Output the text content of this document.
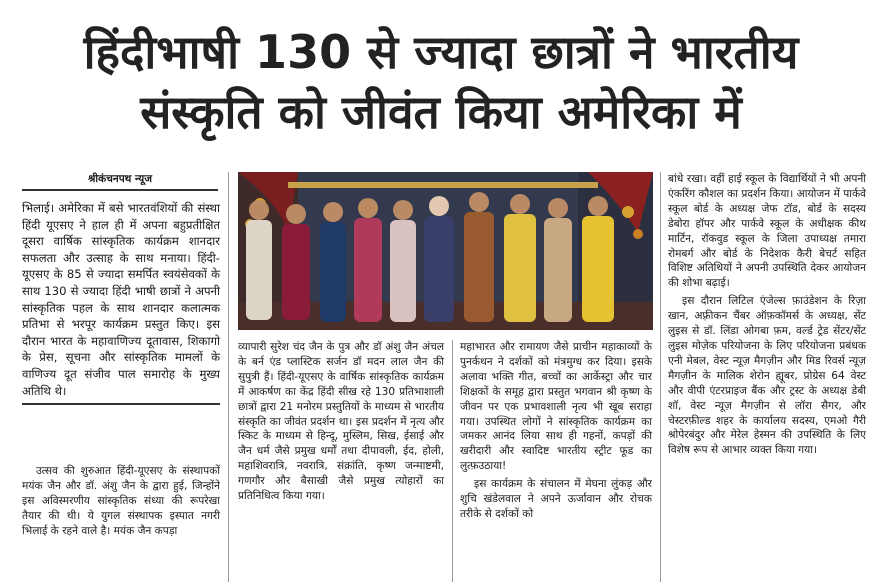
हिंदीभाषी 130 से ज्यादा छात्रों ने भारतीय
संस्कृति को जीवंत किया अमेरिका में
श्रीकंचनपथ न्यूज
भिलाई। अमेरिका में बसे भारतवंशियों की संस्था हिंदी यूएसए ने हाल ही में अपना बहुप्रतीक्षित दूसरा वार्षिक सांस्कृतिक कार्यक्रम शानदार सफलता और उत्साह के साथ मनाया। हिंदी-यूएसए के 85 से ज्यादा समर्पित स्वयंसेवकों के साथ 130 से ज्यादा हिंदी भाषी छात्रों ने अपनी सांस्कृतिक पहल के साथ शानदार कलात्मक प्रतिभा से भरपूर कार्यक्रम प्रस्तुत किए। इस दौरान भारत के महावाणिज्य दूतावास, शिकागो के प्रेस, सूचना और सांस्कृतिक मामलों के वाणिज्य दूत संजीव पाल समारोह के मुख्य अतिथि थे।

उत्सव की शुरुआत हिंदी-यूएसए के संस्थापकों मयंक जैन और डॉ. अंशु जैन के द्वारा हुई, जिन्होंने इस अविस्मरणीय सांस्कृतिक संध्या की रूपरेखा तैयार की थी। ये युगल संस्थापक इस्पात नगरी भिलाई के रहने वाले है। मयंक जैन कपड़ा

व्यापारी सुरेश चंद जैन के पुत्र और डॉ अंशु जैन अंचल के बर्न एंड प्लास्टिक सर्जन डॉ मदन लाल जैन की सुपुत्री हैं। हिंदी-यूएसए के वार्षिक सांस्कृतिक कार्यक्रम में आकर्षण का केंद्र हिंदी सीख रहे 130 प्रतिभाशाली छात्रों द्वारा 21 मनोरम प्रस्तुतियों के माध्यम से भारतीय संस्कृति का जीवंत प्रदर्शन था। इस प्रदर्शन में नृत्य और स्किट के माध्यम से हिन्दू, मुस्लिम, सिख, ईसाई और जैन धर्म जैसे प्रमुख धर्मों तथा दीपावली, ईद, होली, महाशिवरात्रि, नवरात्रि, संक्रांति, कृष्ण जन्माष्टमी, गणगौर और बैसाखी जैसे प्रमुख त्योहारों का प्रतिनिधित्व किया गया।

महाभारत और रामायण जैसे प्राचीन महाकाव्यों के पुनर्कथन ने दर्शकों को मंत्रमुग्ध कर दिया। इसके अलावा भक्ति गीत, बच्चों का आर्केस्ट्रा और चार शिक्षकों के समूह द्वारा प्रस्तुत भगवान श्री कृष्ण के जीवन पर एक प्रभावशाली नृत्य भी खूब सराहा गया। उपस्थित लोगों ने सांस्कृतिक कार्यक्रम का जमकर आनंद लिया साथ ही गहनों, कपड़ों की खरीदारी और स्वादिष्ट भारतीय स्ट्रीट फूड का लुत्फ़उठाया!

इस कार्यक्रम के संचालन में मेघना लुंकड़ और शुचि खंडेलवाल ने अपने ऊर्जावान और रोचक तरीके से दर्शकों को

बांधे रखा। वहीं हाई स्कूल के विद्यार्थियों ने भी अपनी एंकरिंग कौशल का प्रदर्शन किया। आयोजन में पार्कवे स्कूल बोर्ड के अध्यक्ष जेफ टॉड, बोर्ड के सदस्य डेबोरा हॉपर और पार्कवे स्कूल के अधीक्षक कीथ मार्टिन, रॉकवुड स्कूल के जिला उपाध्यक्ष तमारा रोमबर्ग और बोर्ड के निदेशक कैरी बेचर्ट सहित विशिष्ट अतिथियों ने अपनी उपस्थिति देकर आयोजन की शोभा बढ़ाई।

इस दौरान लिटिल एंजेल्स फ़ाउंडेशन के रिज़ा खान, अफ़्रीकन चैंबर ऑफ़कॉमर्स के अध्यक्ष, सेंट लुइस से डॉ. लिंडा ओगबा फ़म, वर्ल्ड ट्रेड सेंटर/सेंट लुइस मोज़ेक परियोजना के लिए परियोजना प्रबंधक एनी मेबल, वेस्ट न्यूज़ मैगज़ीन और मिड रिवर्स न्यूज़ मैगज़ीन के मालिक शेरोन ह्यूबर, प्रोग्रेस 64 वेस्ट और वीपी एंटरप्राइज बैंक और ट्रस्ट के अध्यक्ष डेबी शॉ, वेस्ट न्यूज़ मैगज़ीन से लॉरा सैगर, और चेस्टरफ़ील्ड शहर के कार्यालय सदस्य, एमओ गैरी श्रोपेरबंदुर और मेरेल हेस्मन की उपस्थिति के लिए विशेष रूप से आभार व्यक्त किया गया।
